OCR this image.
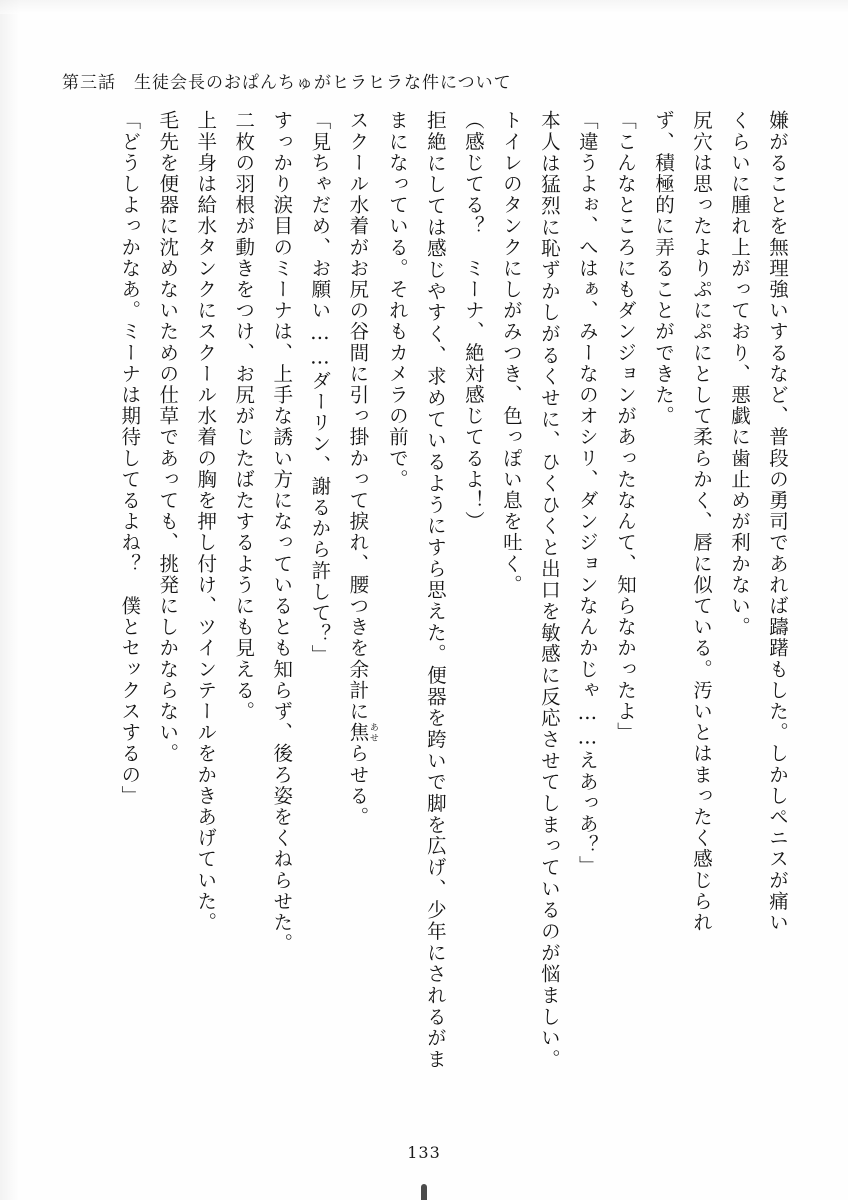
第三話 生徒会長のおぱんちゅがヒラヒラな件について

嫌がることを無理強いするなど、普段の勇司であれば躊躇もした。しかしペニスが痛い

くらいに腫れ上がっており、悪戯に歯止めが利かない。

尻穴は思ったよりぷにぷにとして柔らかく、唇に似ている。汚いとはまったく感じられ

ず、積極的に弄ることができた。

「こんなところにもダンジョンがあったなんて、知らなかったよ」

「違うよぉ、へはぁ、みーなのオシリ、ダンジョンなんかじゃ……えあっあ？」

本人は猛烈に恥ずかしがるくせに、ひくひくと出口を敏感に反応させてしまっているのが悩ましい。トイレのタンクにしがみつき、色っぽい息を吐く。

（感じてる？　ミーナ、絶対感じてるよ！）

拒絶にしては感じやすく、求めているようにすら思えた。便器を跨いで脚を広げ、少年にされるがままになっている。それもカメラの前で。

スクール水着がお尻の谷間に引っ掛かって捩れ、腰つきを余計に焦あせらせる。

「見ちゃだめ、お願い……ダーリン、謝るから許して？」

すっかり涙目のミーナは、上手な誘い方になっているとも知らず、後ろ姿をくねらせた。

二枚の羽根が動きをつけ、お尻がじたばたするようにも見える。

上半身は給水タンクにスクール水着の胸を押し付け、ツインテールをかきあげていた。

毛先を便器に沈めないための仕草であっても、挑発にしかならない。

「どうしよっかなあ。ミーナは期待してるよね？　僕とセックスするの」

133
